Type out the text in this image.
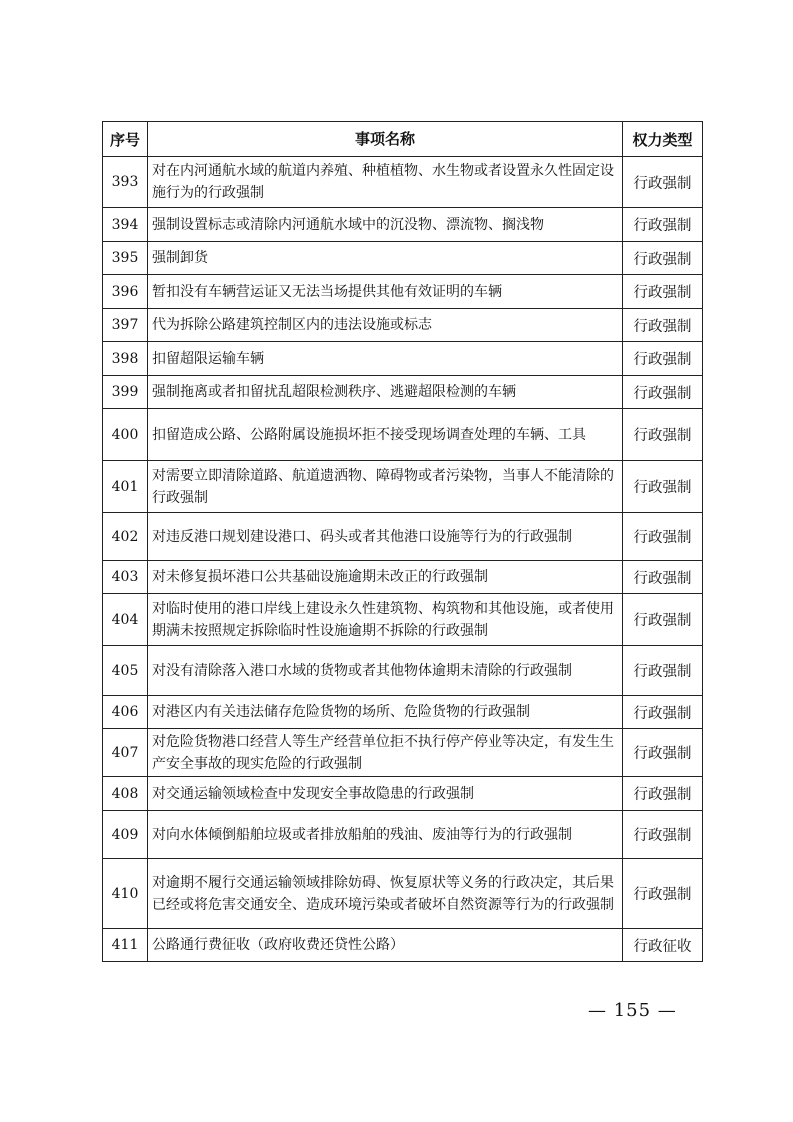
序号	事项名称	权力类型
393	对在内河通航水域的航道内养殖、种植植物、水生物或者设置永久性固定设施行为的行政强制	行政强制
394	强制设置标志或清除内河通航水域中的沉没物、漂流物、搁浅物	行政强制
395	强制卸货	行政强制
396	暂扣没有车辆营运证又无法当场提供其他有效证明的车辆	行政强制
397	代为拆除公路建筑控制区内的违法设施或标志	行政强制
398	扣留超限运输车辆	行政强制
399	强制拖离或者扣留扰乱超限检测秩序、逃避超限检测的车辆	行政强制
400	扣留造成公路、公路附属设施损坏拒不接受现场调查处理的车辆、工具	行政强制
401	对需要立即清除道路、航道遗洒物、障碍物或者污染物，当事人不能清除的行政强制	行政强制
402	对违反港口规划建设港口、码头或者其他港口设施等行为的行政强制	行政强制
403	对未修复损坏港口公共基础设施逾期未改正的行政强制	行政强制
404	对临时使用的港口岸线上建设永久性建筑物、构筑物和其他设施，或者使用期满未按照规定拆除临时性设施逾期不拆除的行政强制	行政强制
405	对没有清除落入港口水域的货物或者其他物体逾期未清除的行政强制	行政强制
406	对港区内有关违法储存危险货物的场所、危险货物的行政强制	行政强制
407	对危险货物港口经营人等生产经营单位拒不执行停产停业等决定，有发生生产安全事故的现实危险的行政强制	行政强制
408	对交通运输领域检查中发现安全事故隐患的行政强制	行政强制
409	对向水体倾倒船舶垃圾或者排放船舶的残油、废油等行为的行政强制	行政强制
410	对逾期不履行交通运输领域排除妨碍、恢复原状等义务的行政决定，其后果已经或将危害交通安全、造成环境污染或者破坏自然资源等行为的行政强制	行政强制
411	公路通行费征收（政府收费还贷性公路）	行政征收
— 155 —
